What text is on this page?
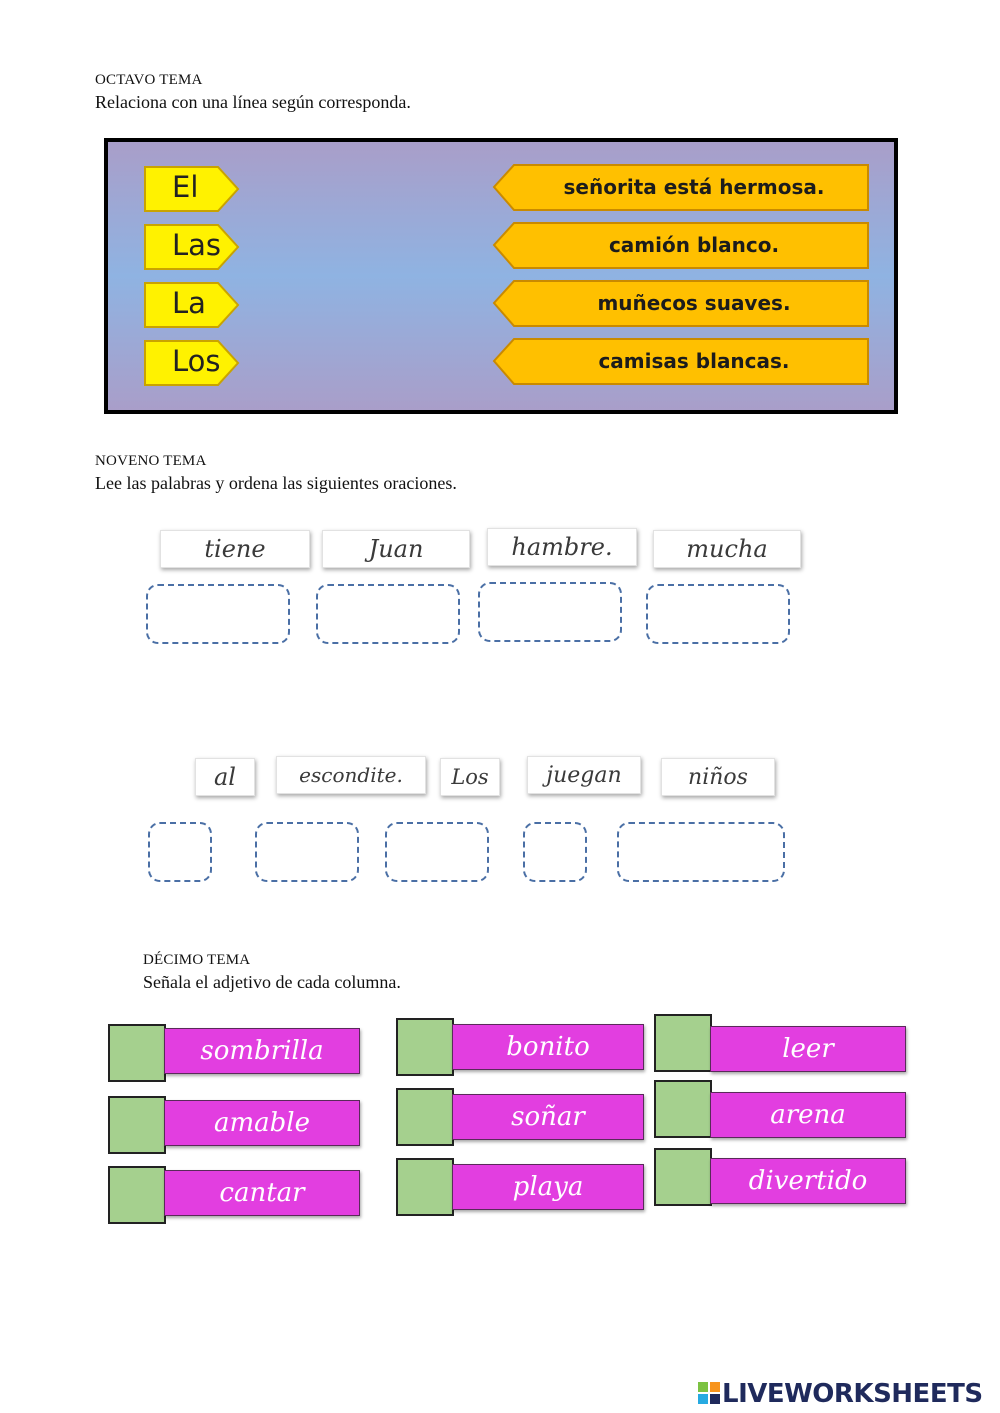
OCTAVO TEMA
Relaciona con una línea según corresponda.
El
Las
La
Los
señorita está hermosa.
camión blanco.
muñecos suaves.
camisas blancas.
NOVENO TEMA
Lee las palabras y ordena las siguientes oraciones.
tiene	Juan	hambre.	mucha
al	escondite.	Los	juegan	niños
DÉCIMO TEMA
Señala el adjetivo de cada columna.
sombrilla
amable
cantar
bonito
soñar
playa
leer
arena
divertido
LIVEWORKSHEETS
